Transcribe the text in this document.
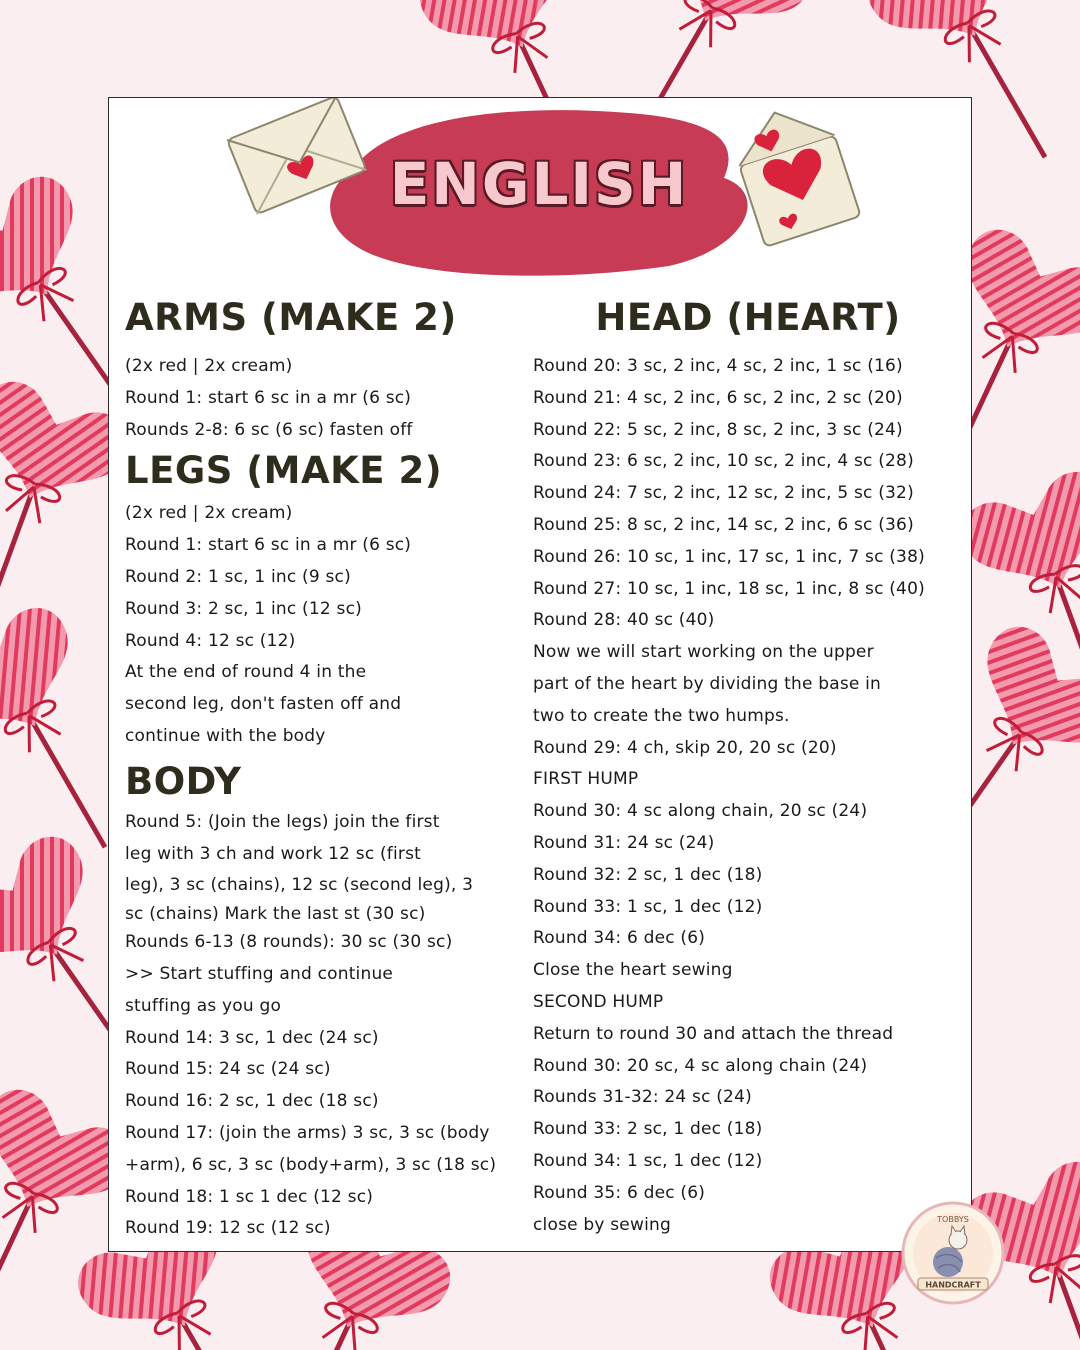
ENGLISH
ARMS (MAKE 2)
(2x red | 2x cream)
Round 1: start 6 sc in a mr (6 sc)
Rounds 2-8: 6 sc (6 sc) fasten off
LEGS (MAKE 2)
(2x red | 2x cream)
Round 1: start 6 sc in a mr (6 sc)
Round 2: 1 sc, 1 inc (9 sc)
Round 3: 2 sc, 1 inc (12 sc)
Round 4: 12 sc (12)
At the end of round 4 in the
second leg, don't fasten off and
continue with the body
BODY
Round 5: (Join the legs) join the first
leg with 3 ch and work 12 sc (first
leg), 3 sc (chains), 12 sc (second leg), 3
sc (chains) Mark the last st (30 sc)
Rounds 6-13 (8 rounds): 30 sc (30 sc)
>> Start stuffing and continue
stuffing as you go
Round 14: 3 sc, 1 dec (24 sc)
Round 15: 24 sc (24 sc)
Round 16: 2 sc, 1 dec (18 sc)
Round 17: (join the arms) 3 sc, 3 sc (body
+arm), 6 sc, 3 sc (body+arm), 3 sc (18 sc)
Round 18: 1 sc 1 dec (12 sc)
Round 19: 12 sc (12 sc)
HEAD (HEART)
Round 20: 3 sc, 2 inc, 4 sc, 2 inc, 1 sc (16)
Round 21: 4 sc, 2 inc, 6 sc, 2 inc, 2 sc (20)
Round 22: 5 sc, 2 inc, 8 sc, 2 inc, 3 sc (24)
Round 23: 6 sc, 2 inc, 10 sc, 2 inc, 4 sc (28)
Round 24: 7 sc, 2 inc, 12 sc, 2 inc, 5 sc (32)
Round 25: 8 sc, 2 inc, 14 sc, 2 inc, 6 sc (36)
Round 26: 10 sc, 1 inc, 17 sc, 1 inc, 7 sc (38)
Round 27: 10 sc, 1 inc, 18 sc, 1 inc, 8 sc (40)
Round 28: 40 sc (40)
Now we will start working on the upper
part of the heart by dividing the base in
two to create the two humps.
Round 29: 4 ch, skip 20, 20 sc (20)
FIRST HUMP
Round 30: 4 sc along chain, 20 sc (24)
Round 31: 24 sc (24)
Round 32: 2 sc, 1 dec (18)
Round 33: 1 sc, 1 dec (12)
Round 34: 6 dec (6)
Close the heart sewing
SECOND HUMP
Return to round 30 and attach the thread
Round 30: 20 sc, 4 sc along chain (24)
Rounds 31-32: 24 sc (24)
Round 33: 2 sc, 1 dec (18)
Round 34: 1 sc, 1 dec (12)
Round 35: 6 dec (6)
close by sewing	TOBBYS
HANDCRAFT
